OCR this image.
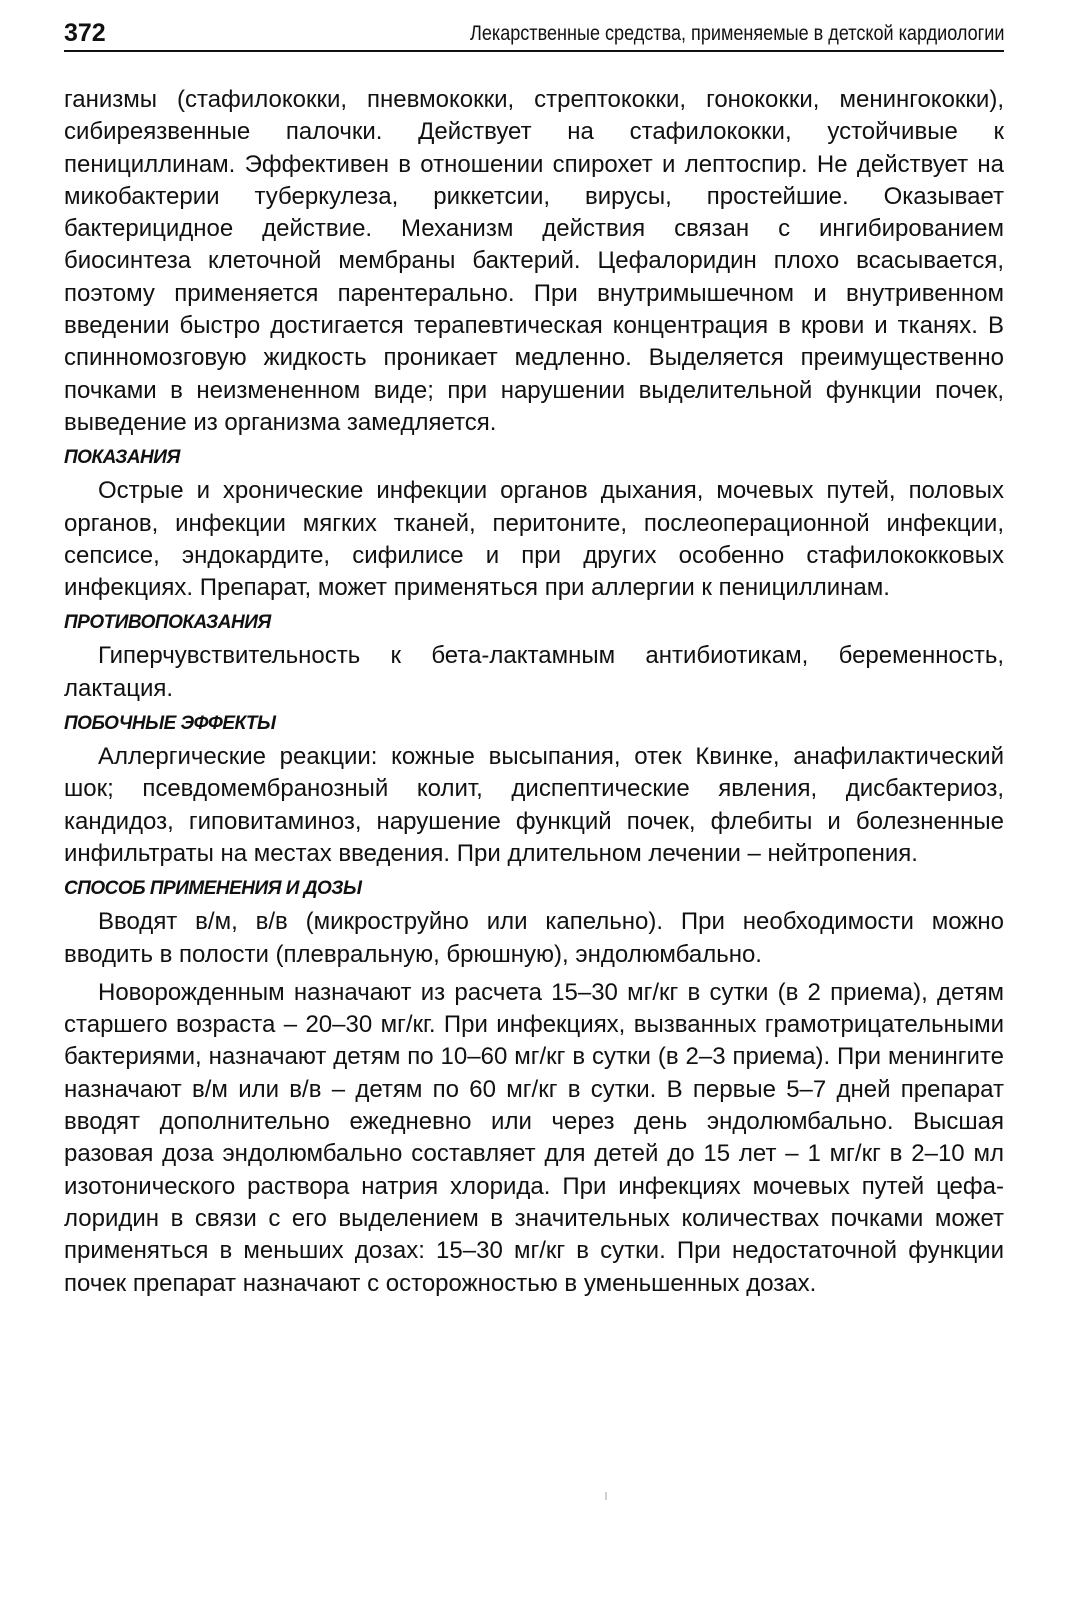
372	Лекарственные средства, применяемые в детской кардиологии

ганизмы (стафилококки, пневмококки, стрептококки, гонококки, менингококки), сибиреязвенные палочки. Действует на стафилококки, устойчивые к пенициллинам. Эффективен в отношении спирохет и лептоспир. Не действует на микобактерии туберкулеза, риккетсии, вирусы, простейшие. Оказывает бактерицидное действие. Механизм действия связан с ингибированием биосинтеза клеточной мембраны бактерий. Цефалоридин плохо всасывается, поэтому применяется парентерально. При внутримышечном и внутривенном введении быстро достигается терапевтическая концентрация в крови и тканях. В спинномозговую жидкость проникает медленно. Выделяется преимущественно почками в неизмененном виде; при нарушении выделительной функции почек, выведение из организма замедляется.

ПОКАЗАНИЯ

Острые и хронические инфекции органов дыхания, мочевых путей, половых органов, инфекции мягких тканей, перитоните, послеоперационной инфекции, сепсисе, эндокардите, сифилисе и при других особенно стафилококковых инфекциях. Препарат, может применяться при аллергии к пенициллинам.

ПРОТИВОПОКАЗАНИЯ

Гиперчувствительность к бета-лактамным антибиотикам, беременность, лактация.

ПОБОЧНЫЕ ЭФФЕКТЫ

Аллергические реакции: кожные высыпания, отек Квинке, анафилактический шок; псевдомембранозный колит, диспептические явления, дисбактериоз, кандидоз, гиповитаминоз, нарушение функций почек, флебиты и болезненные инфильтраты на местах введения. При длительном лечении – нейтропения.

СПОСОБ ПРИМЕНЕНИЯ И ДОЗЫ

Вводят в/м, в/в (микроструйно или капельно). При необходимости можно вводить в полости (плевральную, брюшную), эндолюмбально.

Новорожденным назначают из расчета 15–30 мг/кг в сутки (в 2 приема), детям старшего возраста – 20–30 мг/кг. При инфекциях, вызванных грамотрицательными бактериями, назначают детям по 10–60 мг/кг в сутки (в 2–3 приема). При менингите назначают в/м или в/в – детям по 60 мг/кг в сутки. В первые 5–7 дней препарат вводят дополнительно ежедневно или через день эндолюмбально. Высшая разовая доза эндолюмбально составляет для детей до 15 лет – 1 мг/кг в 2–10 мл изотонического раствора натрия хлорида. При инфекциях мочевых путей цефалоридин в связи с его выделением в значительных количествах почками может применяться в меньших дозах: 15–30 мг/кг в сутки. При недостаточной функции почек препарат назначают с осторожностью в уменьшенных дозах.
